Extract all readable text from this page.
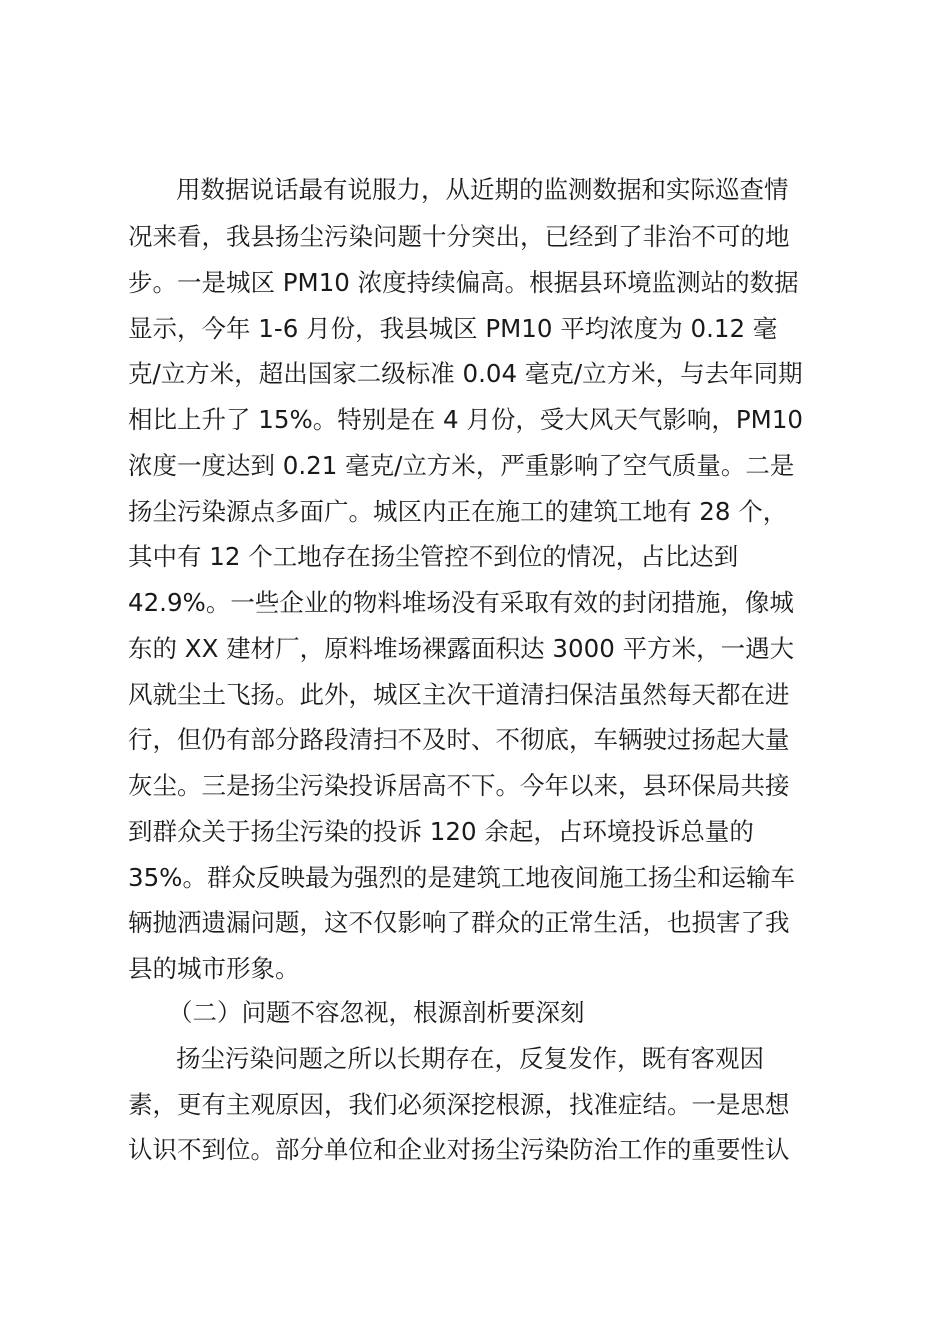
用数据说话最有说服力，从近期的监测数据和实际巡查情
况来看，我县扬尘污染问题十分突出，已经到了非治不可的地
步。一是城区 PM10 浓度持续偏高。根据县环境监测站的数据
显示，今年 1-6 月份，我县城区 PM10 平均浓度为 0.12 毫
克/立方米，超出国家二级标准 0.04 毫克/立方米，与去年同期
相比上升了 15%。特别是在 4 月份，受大风天气影响，PM10
浓度一度达到 0.21 毫克/立方米，严重影响了空气质量。二是
扬尘污染源点多面广。城区内正在施工的建筑工地有 28 个，
其中有 12 个工地存在扬尘管控不到位的情况，占比达到
42.9%。一些企业的物料堆场没有采取有效的封闭措施，像城
东的 XX 建材厂，原料堆场裸露面积达 3000 平方米，一遇大
风就尘土飞扬。此外，城区主次干道清扫保洁虽然每天都在进
行，但仍有部分路段清扫不及时、不彻底，车辆驶过扬起大量
灰尘。三是扬尘污染投诉居高不下。今年以来，县环保局共接
到群众关于扬尘污染的投诉 120 余起，占环境投诉总量的
35%。群众反映最为强烈的是建筑工地夜间施工扬尘和运输车
辆抛洒遗漏问题，这不仅影响了群众的正常生活，也损害了我
县的城市形象。
（二）问题不容忽视，根源剖析要深刻
扬尘污染问题之所以长期存在，反复发作，既有客观因
素，更有主观原因，我们必须深挖根源，找准症结。一是思想
认识不到位。部分单位和企业对扬尘污染防治工作的重要性认
